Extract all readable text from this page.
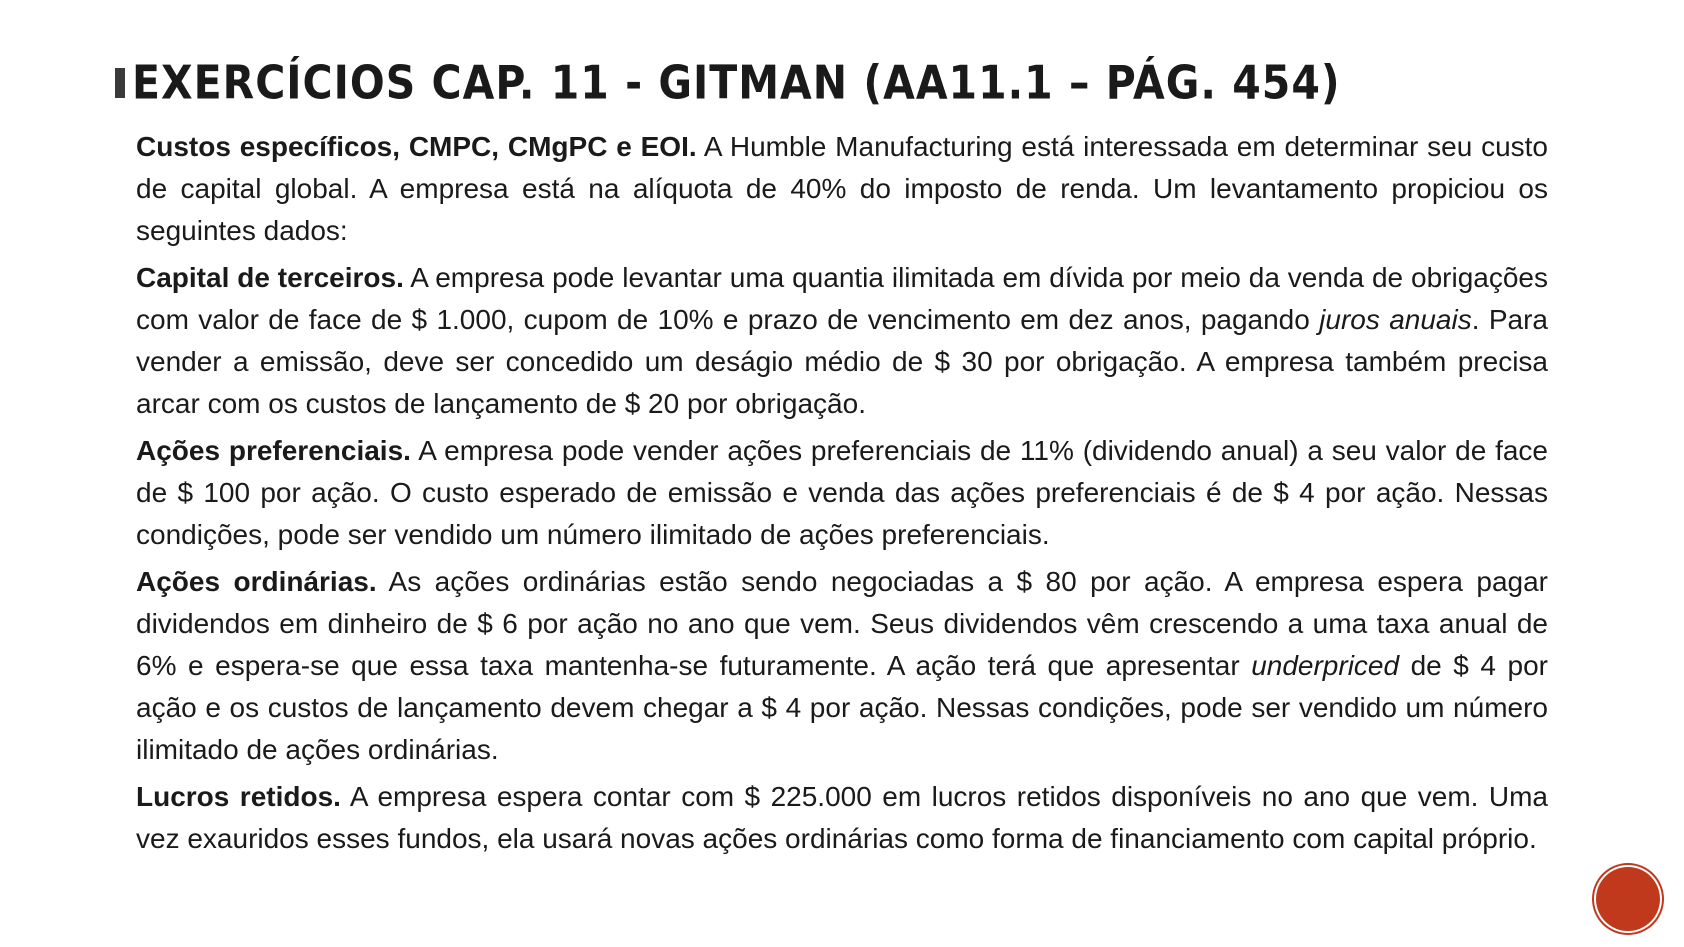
EXERCÍCIOS CAP. 11 - GITMAN (AA11.1 – PÁG. 454)

Custos específicos, CMPC, CMgPC e EOI. A Humble Manufacturing está interessada em determinar seu custo de capital global. A empresa está na alíquota de 40% do imposto de renda. Um levantamento propiciou os seguintes dados:

Capital de terceiros. A empresa pode levantar uma quantia ilimitada em dívida por meio da venda de obrigações com valor de face de $ 1.000, cupom de 10% e prazo de vencimento em dez anos, pagando juros anuais. Para vender a emissão, deve ser concedido um deságio médio de $ 30 por obrigação. A empresa também precisa arcar com os custos de lançamento de $ 20 por obrigação.

Ações preferenciais. A empresa pode vender ações preferenciais de 11% (dividendo anual) a seu valor de face de $ 100 por ação. O custo esperado de emissão e venda das ações preferenciais é de $ 4 por ação. Nessas condições, pode ser vendido um número ilimitado de ações preferenciais.

Ações ordinárias. As ações ordinárias estão sendo negociadas a $ 80 por ação. A empresa espera pagar dividendos em dinheiro de $ 6 por ação no ano que vem. Seus dividendos vêm crescendo a uma taxa anual de 6% e espera-se que essa taxa mantenha-se futuramente. A ação terá que apresentar underpriced de $ 4 por ação e os custos de lançamento devem chegar a $ 4 por ação. Nessas condições, pode ser vendido um número ilimitado de ações ordinárias.

Lucros retidos. A empresa espera contar com $ 225.000 em lucros retidos disponíveis no ano que vem. Uma vez exauridos esses fundos, ela usará novas ações ordinárias como forma de financiamento com capital próprio.
